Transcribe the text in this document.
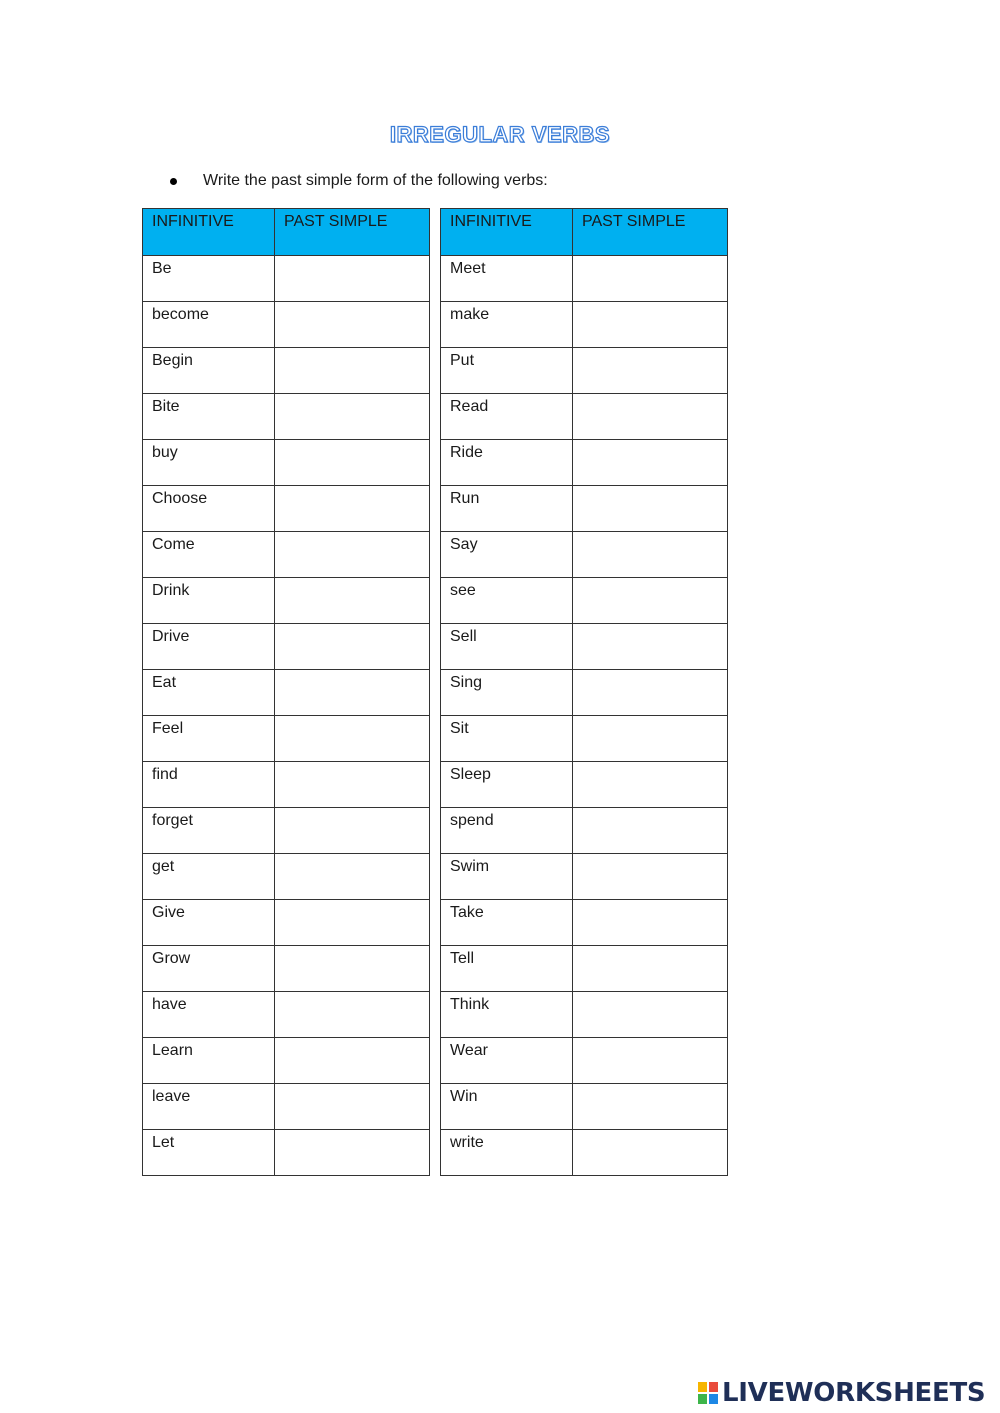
IRREGULAR VERBS
Write the past simple form of the following verbs:
INFINITIVE	PAST SIMPLE

Be	

become	

Begin	

Bite	

buy	

Choose	

Come	

Drink	

Drive	

Eat	

Feel	

find	

forget	

get	

Give	

Grow	

have	

Learn	

leave	

Let	

INFINITIVE	PAST SIMPLE

Meet	

make	

Put	

Read	

Ride	

Run	

Say	

see	

Sell	

Sing	

Sit	

Sleep	

spend	

Swim	

Take	

Tell	

Think	

Wear	

Win	

write	

LIVEWORKSHEETS
